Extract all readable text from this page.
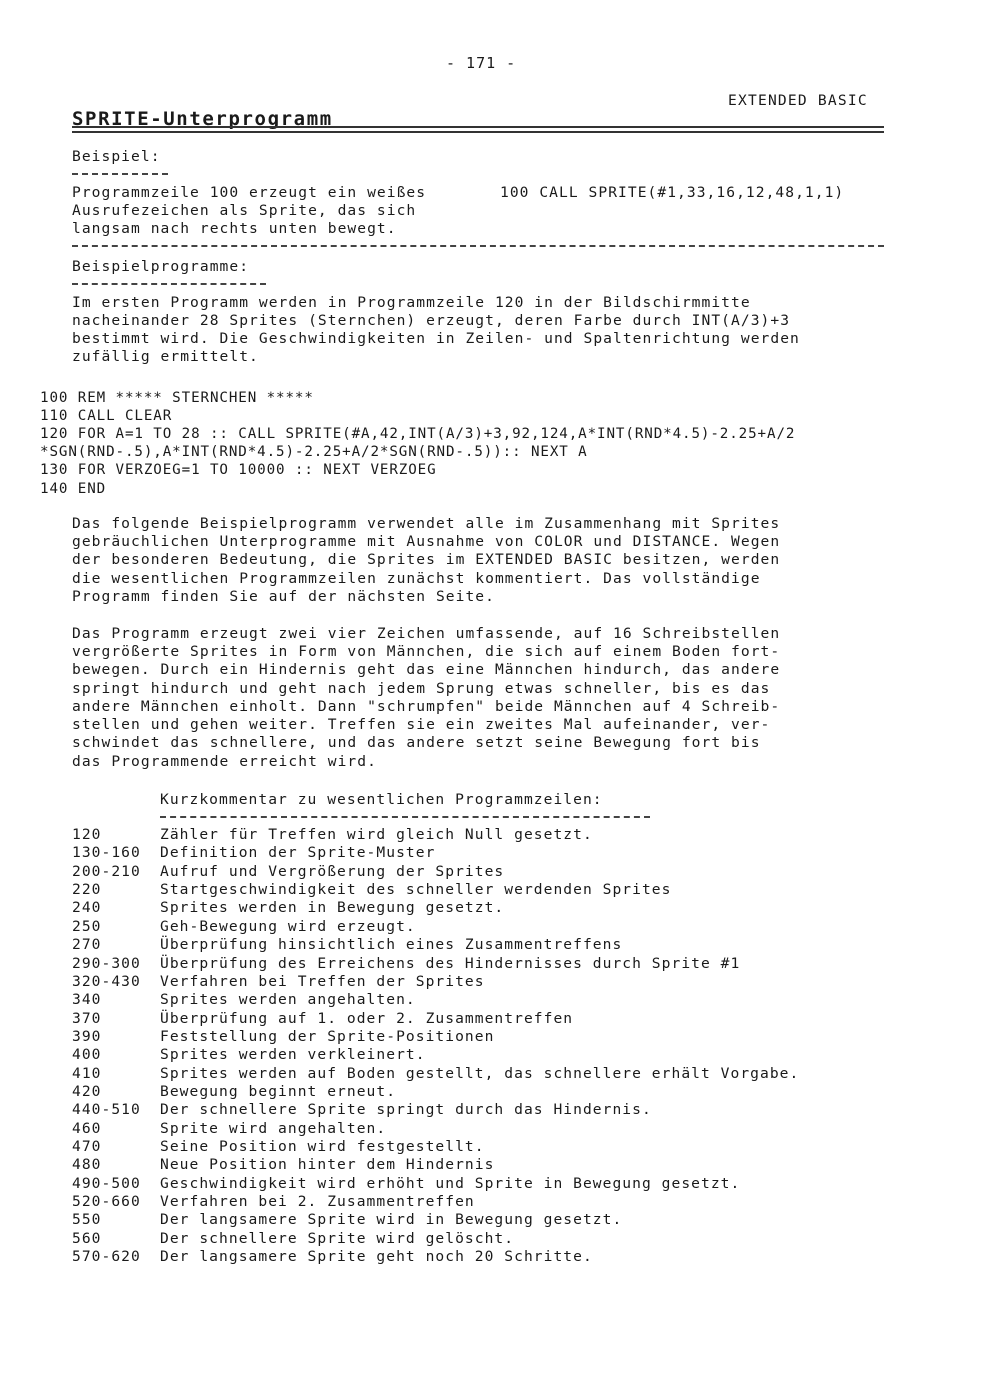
- 171 -
EXTENDED BASIC
SPRITE-Unterprogramm
Beispiel:
Programmzeile 100 erzeugt ein weißes
Ausrufezeichen als Sprite, das sich
langsam nach rechts unten bewegt.
100 CALL SPRITE(#1,33,16,12,48,1,1)
Beispielprogramme:
Im ersten Programm werden in Programmzeile 120 in der Bildschirmmitte
nacheinander 28 Sprites (Sternchen) erzeugt, deren Farbe durch INT(A/3)+3
bestimmt wird. Die Geschwindigkeiten in Zeilen- und Spaltenrichtung werden
zufällig ermittelt.
100 REM ***** STERNCHEN *****
110 CALL CLEAR
120 FOR A=1 TO 28 :: CALL SPRITE(#A,42,INT(A/3)+3,92,124,A*INT(RND*4.5)-2.25+A/2
*SGN(RND-.5),A*INT(RND*4.5)-2.25+A/2*SGN(RND-.5)):: NEXT A
130 FOR VERZOEG=1 TO 10000 :: NEXT VERZOEG
140 END
Das folgende Beispielprogramm verwendet alle im Zusammenhang mit Sprites
gebräuchlichen Unterprogramme mit Ausnahme von COLOR und DISTANCE. Wegen
der besonderen Bedeutung, die Sprites im EXTENDED BASIC besitzen, werden
die wesentlichen Programmzeilen zunächst kommentiert. Das vollständige
Programm finden Sie auf der nächsten Seite.
Das Programm erzeugt zwei vier Zeichen umfassende, auf 16 Schreibstellen
vergrößerte Sprites in Form von Männchen, die sich auf einem Boden fort-
bewegen. Durch ein Hindernis geht das eine Männchen hindurch, das andere
springt hindurch und geht nach jedem Sprung etwas schneller, bis es das
andere Männchen einholt. Dann "schrumpfen" beide Männchen auf 4 Schreib-
stellen und gehen weiter. Treffen sie ein zweites Mal aufeinander, ver-
schwindet das schnellere, und das andere setzt seine Bewegung fort bis
das Programmende erreicht wird.
Kurzkommentar zu wesentlichen Programmzeilen:
120	Zähler für Treffen wird gleich Null gesetzt.
130-160 Definition der Sprite-Muster
200-210 Aufruf und Vergrößerung der Sprites
220	Startgeschwindigkeit des schneller werdenden Sprites
240	Sprites werden in Bewegung gesetzt.
250	Geh-Bewegung wird erzeugt.
270	Überprüfung hinsichtlich eines Zusammentreffens
290-300 Überprüfung des Erreichens des Hindernisses durch Sprite #1
320-430 Verfahren bei Treffen der Sprites
340	Sprites werden angehalten.
370	Überprüfung auf 1. oder 2. Zusammentreffen
390	Feststellung der Sprite-Positionen
400	Sprites werden verkleinert.
410	Sprites werden auf Boden gestellt, das schnellere erhält Vorgabe.
420	Bewegung beginnt erneut.
440-510 Der schnellere Sprite springt durch das Hindernis.
460	Sprite wird angehalten.
470	Seine Position wird festgestellt.
480	Neue Position hinter dem Hindernis
490-500 Geschwindigkeit wird erhöht und Sprite in Bewegung gesetzt.
520-660 Verfahren bei 2. Zusammentreffen
550	Der langsamere Sprite wird in Bewegung gesetzt.
560	Der schnellere Sprite wird gelöscht.
570-620 Der langsamere Sprite geht noch 20 Schritte.
